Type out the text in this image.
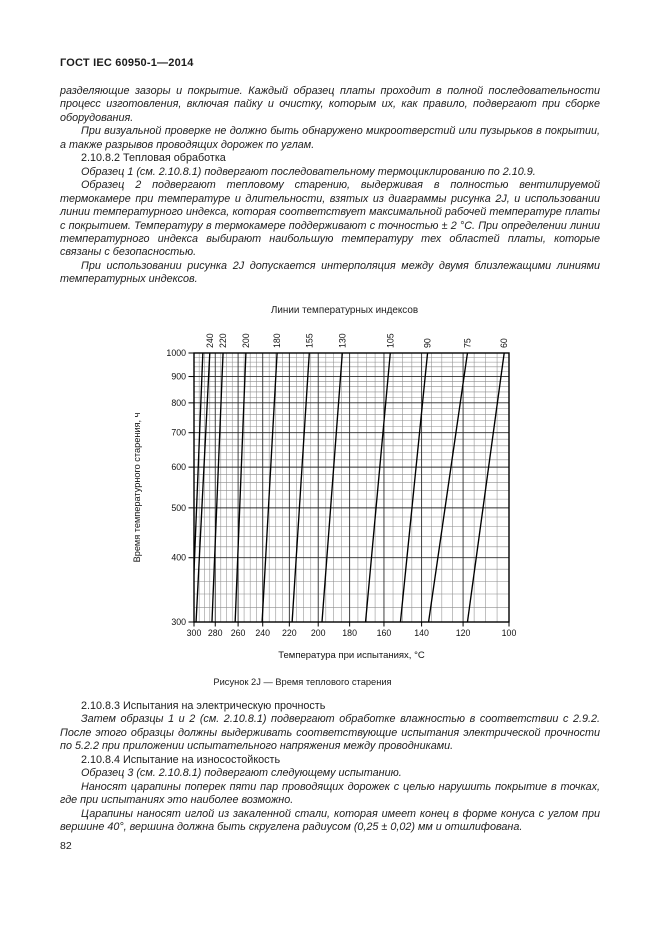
ГОСТ IEC 60950-1—2014

разделяющие зазоры и покрытие. Каждый образец платы проходит в полной последовательности процесс изготовления, включая пайку и очистку, которым их, как правило, подвергают при сборке оборудования.

При визуальной проверке не должно быть обнаружено микроотверстий или пузырьков в покрытии, а также разрывов проводящих дорожек по углам.

2.10.8.2 Тепловая обработка

Образец 1 (см. 2.10.8.1) подвергают последовательному термоциклированию по 2.10.9.

Образец 2 подвергают тепловому старению, выдерживая в полностью вентилируемой термокамере при температуре и длительности, взятых из диаграммы рисунка 2J, и использовании линии температурного индекса, которая соответствует максимальной рабочей температуре платы с покрытием. Температуру в термокамере поддерживают с точностью ± 2 °С. При определении линии температурного индекса выбирают наибольшую температуру тех областей платы, которые связаны с безопасностью.

При использовании рисунка 2J допускается интерполяция между двумя близлежащими линиями температурных индексов.

Линии температурных индексов
300 280 260 240 220 200 180 160	140	120	100
300
400
500
600
700
800
900
1000
240 220 200 180	155	130	105	90	75	60
Температура при испытаниях, °С
Время температурного старения, ч
Рисунок 2J — Время теплового старения

2.10.8.3 Испытания на электрическую прочность

Затем образцы 1 и 2 (см. 2.10.8.1) подвергают обработке влажностью в соответствии с 2.9.2. После этого образцы должны выдерживать соответствующие испытания электрической прочности по 5.2.2 при приложении испытательного напряжения между проводниками.

2.10.8.4 Испытание на износостойкость

Образец 3 (см. 2.10.8.1) подвергают следующему испытанию.

Наносят царапины поперек пяти пар проводящих дорожек с целью нарушить покрытие в точках, где при испытаниях это наиболее возможно.

Царапины наносят иглой из закаленной стали, которая имеет конец в форме конуса с углом при вершине 40°, вершина должна быть скруглена радиусом (0,25 ± 0,02) мм и отшлифована.

82
